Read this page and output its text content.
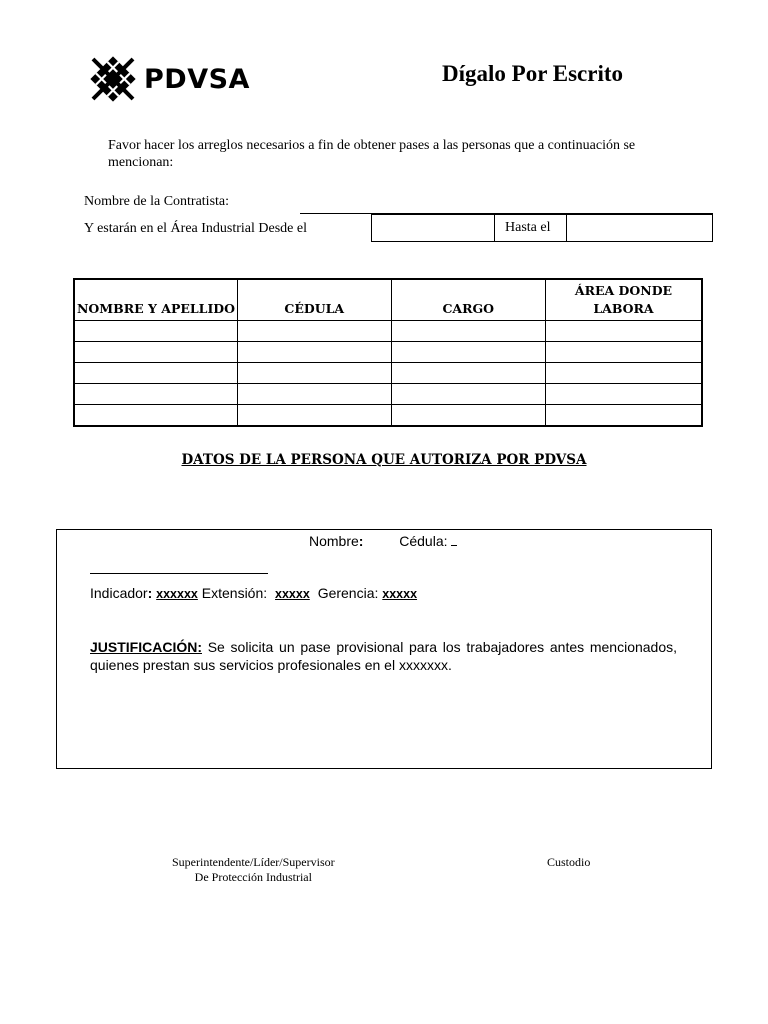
PDVSA	Dígalo Por Escrito
Favor hacer los arreglos necesarios a fin de obtener pases a las personas que a continuación se mencionan:
Nombre de la Contratista:
Y estarán en el Área Industrial Desde el	Hasta el
NOMBRE Y APELLIDO	CÉDULA	CARGO	ÁREA DONDE LABORA

DATOS DE LA PERSONA QUE AUTORIZA POR PDVSA
Nombre:	Cédula:
Indicador: xxxxxx Extensión: xxxxx Gerencia: xxxxx
JUSTIFICACIÓN: Se solicita un pase provisional para los trabajadores antes mencionados, quienes prestan sus servicios profesionales en el xxxxxxx.
Superintendente/Líder/Supervisor
De Protección Industrial
Custodio
